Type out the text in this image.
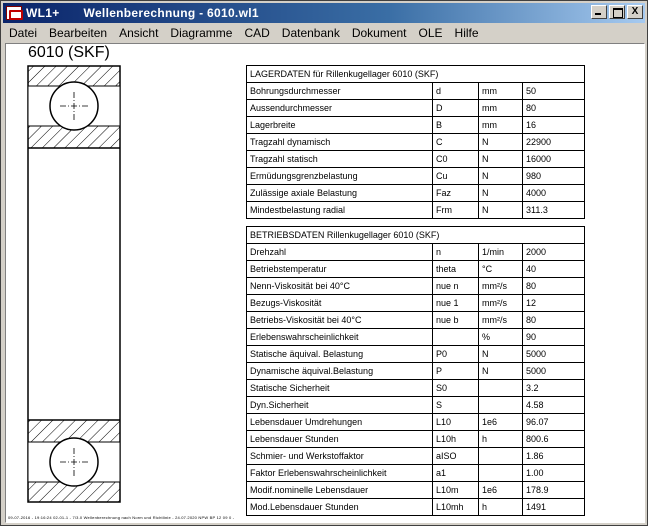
WL1+ Wellenberechnung - 6010.wl1	X
Datei	Bearbeiten	Ansicht	Diagramme	CAD	Datenbank	Dokument	OLE	Hilfe
6010 (SKF)
LAGERDATEN für Rillenkugellager 6010 (SKF)			
Bohrungsdurchmesser	d	mm	50
Aussendurchmesser	D	mm	80
Lagerbreite	B	mm	16
Tragzahl dynamisch	C	N	22900
Tragzahl statisch	C0	N	16000
Ermüdungsgrenzbelastung	Cu	N	980
Zulässige axiale Belastung	Faz	N	4000
Mindestbelastung radial	Frm	N	311.3
BETRIEBSDATEN Rillenkugellager 6010 (SKF)			
Drehzahl	n	1/min	2000
Betriebstemperatur	theta	°C	40
Nenn-Viskosität bei 40°C	nue n	mm²/s	80
Bezugs-Viskosität	nue 1	mm²/s	12
Betriebs-Viskosität bei 40°C	nue b	mm²/s	80
Erlebenswahrscheinlichkeit		%	90
Statische äquival. Belastung	P0	N	5000
Dynamische äquival.Belastung	P	N	5000
Statische Sicherheit	S0		3.2
Dyn.Sicherheit	S		4.58
Lebensdauer Umdrehungen	L10	1e6	96.07
Lebensdauer Stunden	L10h	h	800.6
Schmier- und Werkstoffaktor	aISO		1.86
Faktor Erlebenswahrscheinlichkeit	a1		1.00
Modif.nominelle Lebensdauer	L10m	1e6	178.9
Mod.Lebensdauer Stunden	L10mh	h	1491
09-07-2016 - 19:16:24 02-01-1 - 7/3.0 Wellenberechnung nach Norm und Richtlinie - 24.07.2020 NPW BP 12 09 0 -
